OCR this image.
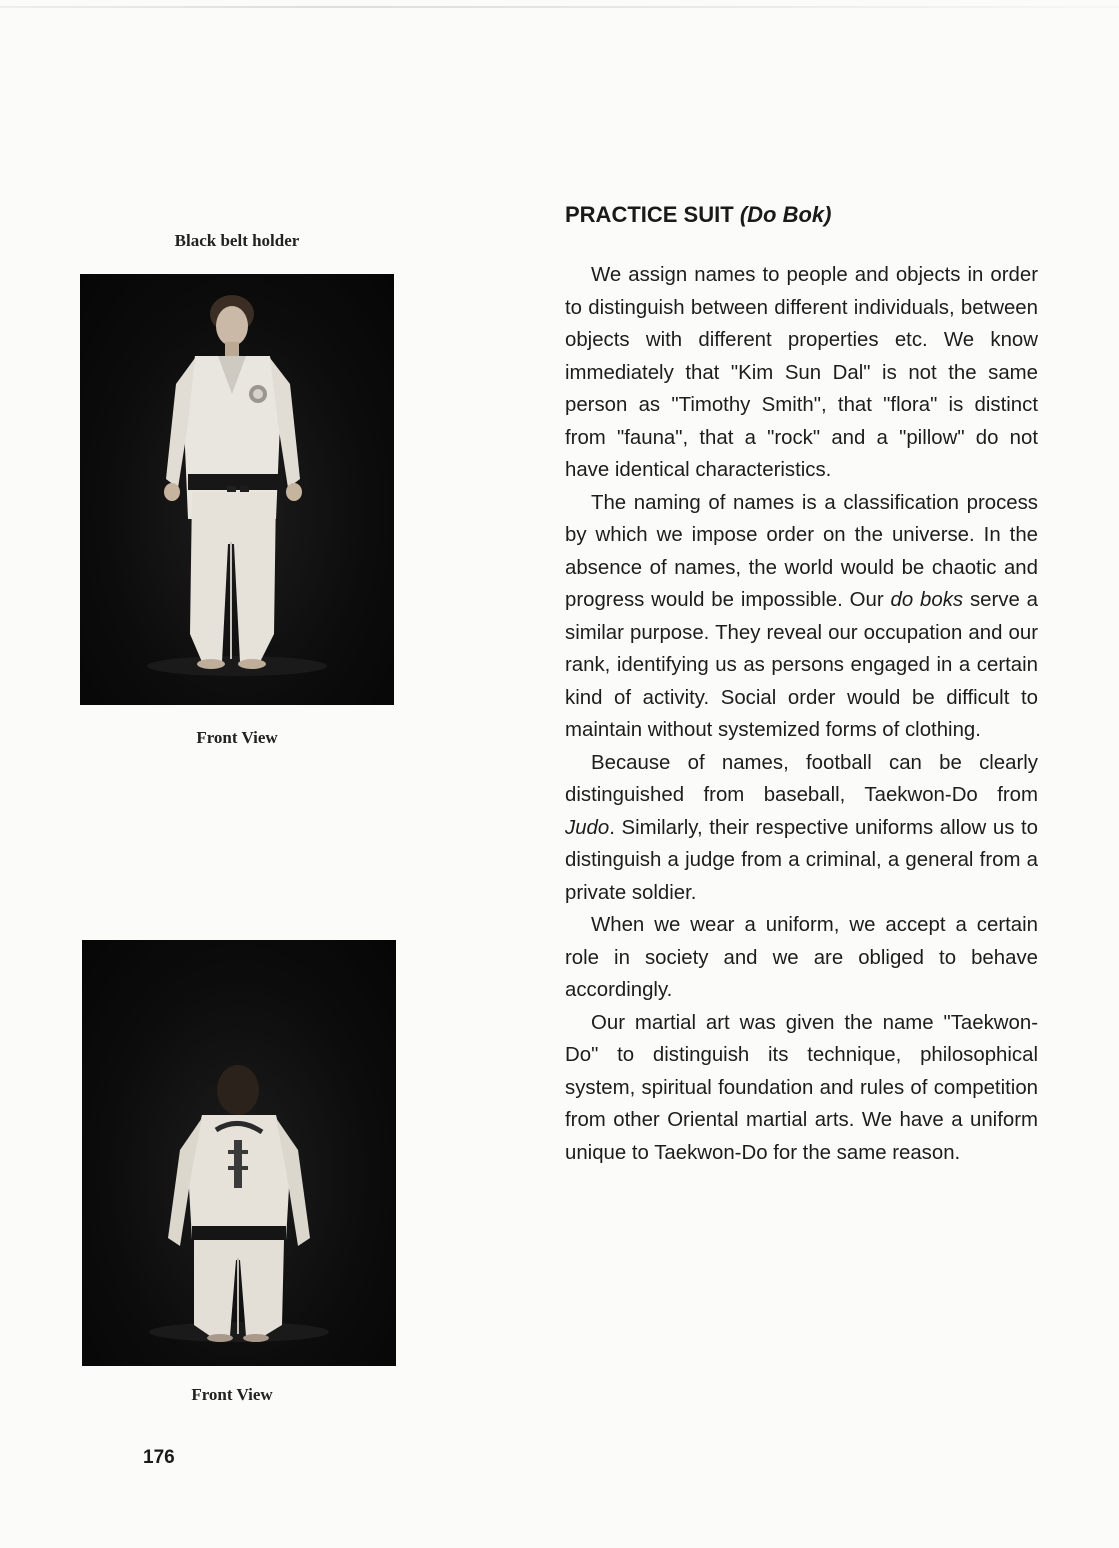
Black belt holder
Front View
Front View
PRACTICE SUIT (Do Bok)

We assign names to people and objects in order to distinguish between different individuals, between objects with different properties etc. We know immediately that "Kim Sun Dal" is not the same person as "Timothy Smith", that "flora" is distinct from "fauna", that a "rock" and a "pillow" do not have identical characteristics.

The naming of names is a classification process by which we impose order on the universe. In the absence of names, the world would be chaotic and progress would be impossible. Our do boks serve a similar purpose. They reveal our occupation and our rank, identifying us as persons engaged in a certain kind of activity. Social order would be difficult to maintain without systemized forms of clothing.

Because of names, football can be clearly distinguished from baseball, Taekwon-Do from Judo. Similarly, their respective uniforms allow us to distinguish a judge from a criminal, a general from a private soldier.

When we wear a uniform, we accept a certain role in society and we are obliged to behave accordingly.

Our martial art was given the name "Taekwon-Do" to distinguish its technique, philosophical system, spiritual foundation and rules of competition from other Oriental martial arts. We have a uniform unique to Taekwon-Do for the same reason.

176
